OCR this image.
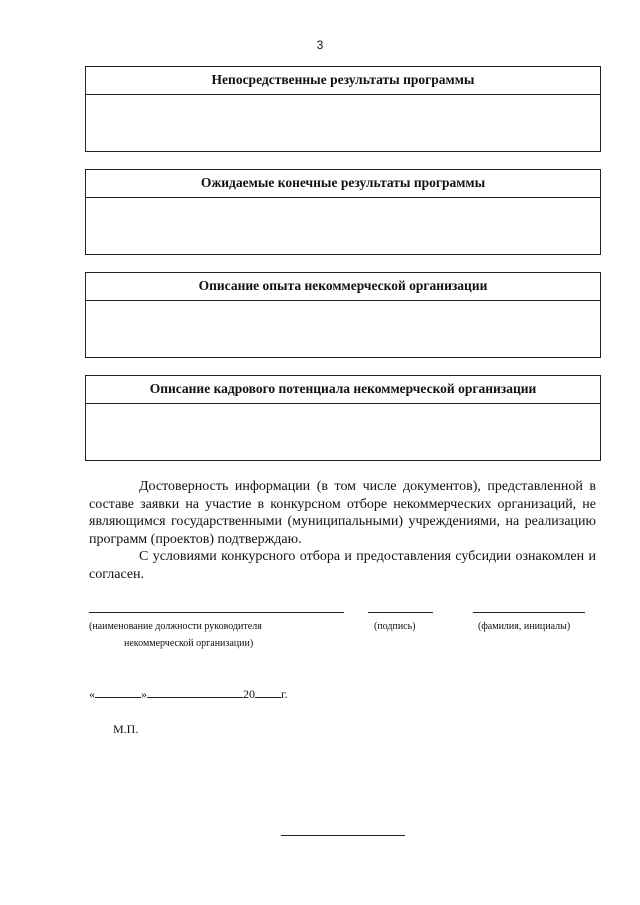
3
Непосредственные результаты программы
Ожидаемые конечные результаты программы
Описание опыта некоммерческой организации
Описание кадрового потенциала некоммерческой организации

Достоверность информации (в том числе документов), представленной в составе заявки на участие в конкурсном отборе некоммерческих организаций, не являющимся государственными (муниципальными) учреждениями, на реализацию программ (проектов) подтверждаю.

С условиями конкурсного отбора и предоставления субсидии ознакомлен и согласен.

(наименование должности руководителя
некоммерческой организации)
(подпись)	(фамилия, инициалы)
«	»	20 г.
М.П.
